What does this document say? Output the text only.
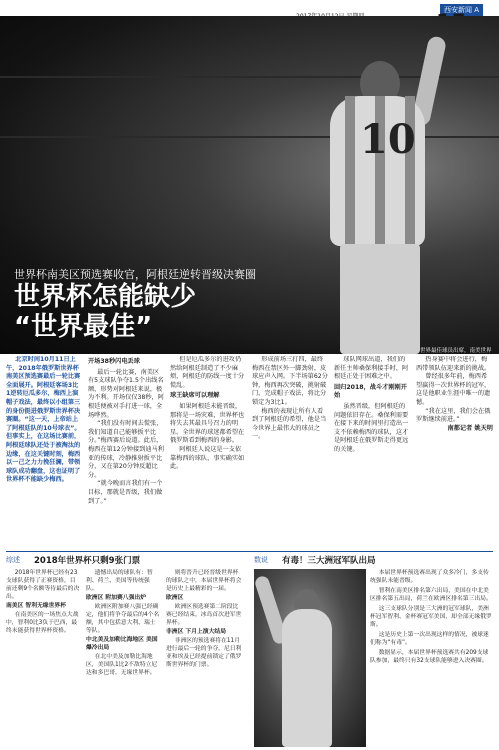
西安新闻 A
10
世界杯南美区预选赛收官，阿根廷逆转晋级决赛圈
世界杯怎能缺少
“世界最佳”
世界最佳球员出席，南美世界

北京时间10月11日上午，2018年俄罗斯世界杯南美区预选赛最后一轮比赛全面展开。阿根廷客场3比1逆转厄瓜多尔，梅西上演帽子戏法，最终以小组第三的身份挺进俄罗斯世界杯决赛圈。“这一天，上帝站上了阿根廷队的10号球衣”。但事实上，在这场比赛前，阿根廷球队还处于被淘汰的边缘，在这关键时刻，梅西以一己之力力挽狂澜，带领球队成功翻盘，这也证明了世界杯不能缺少梅西。

开场38秒闪电丢球

最后一轮比赛，南美区有5支球队争夺1.5个出线名额，形势对阿根廷来说，极为不利。开场仅仅38秒，阿根廷便被对手打进一球，全场哗然。

“我们没有时间去慌张，我们知道自己能够扳平比分。”梅西赛后说道。此后，梅西在第12分钟接到迪马利亚的传球，冷静推射扳平比分，又在第20分钟反超比分。

“就今晚而言我们有一个目标，那就是晋级，我们做到了。”

但是厄瓜多尔的进攻仍然给阿根廷制造了不少麻烦，阿根廷的防线一度十分慌乱。

球王缺席可以理解

如果阿根廷未能晋级，那将是一场灾难，世界杯也将失去其最具号召力的明星。全世界的球迷都希望在俄罗斯看到梅西的身影。

阿根廷人说这是一支依靠梅西的球队，事实确实如此。

形成前场三打四，最终梅西在禁区外一脚劲射，皮球应声入网。下半场第62分钟，梅西再次突破，挑射破门，完成帽子戏法，将比分锁定为3比1。

梅西的表现让所有人看到了阿根廷的希望，他是当今世界上最伟大的球员之一。

球队网球出道，我们的新任主帅桑保利接手时，阿根廷正处于困难之中。

回归2018，战斗才刚刚开始

虽然晋级，但阿根廷的问题依旧存在。桑保利需要在接下来的时间里打造出一支不依赖梅西的球队，这才是阿根廷在俄罗斯走得更远的关键。

热身赛中将会进行，梅西带领队伍迎来新的挑战。

曾经很多年前，梅西希望赢得一次世界杯的冠军，这是他职业生涯中唯一的遗憾。

“我在这里，我们会在俄罗斯继续前进。”

南都记者 姚天明

综述 2018年世界杯只剩9张门票

2018年世界杯已经有23支球队获得了正赛资格，目前还剩9个名额等待最后的决出。

南美区 智利无缘世界杯

在南美区的一场焦点大战中，智利0比3负于巴西，最终未能获得世界杯资格。

遗憾出局的球队有：智利、荷兰、美国等传统强队。

欧洲区 附加赛八强出炉

欧洲区附加赛八强已经确定，他们将争夺最后的4个名额，其中包括意大利、瑞士等队。

中北美及加勒比海地区 美国爆冷出局

在北中美及加勒比海地区，美国队1比2不敌特立尼达和多巴哥，无缘世界杯。

则将晋升已经晋级世界杯的球队之中，本届世界杯将会是历史上最精彩的一届。

欧洲区

欧洲区预选赛第二阶段比赛已经结束，冰岛首次进军世界杯。

非洲区 下月上演大结局

非洲区的预选赛将在11月进行最后一轮的争夺，尼日利亚和埃及已经提前锁定了俄罗斯世界杯的门票。

数说 有毒！三大洲冠军队出局

本届世界杯预选赛出现了众多冷门，多支传统强队未能晋级。

智利在南美区排名第六出局，美国在中北美区排名第五出局，荷兰在欧洲区排名第三出局。

这三支球队分别是三大洲的冠军球队，美洲杯冠军智利、金杯赛冠军美国，却全部无缘俄罗斯。

这是历史上第一次出现这样的情况，被球迷们称为“有毒”。

数据显示，本届世界杯预选赛共有209支球队参加，最终只有32支球队能够进入决赛圈。
